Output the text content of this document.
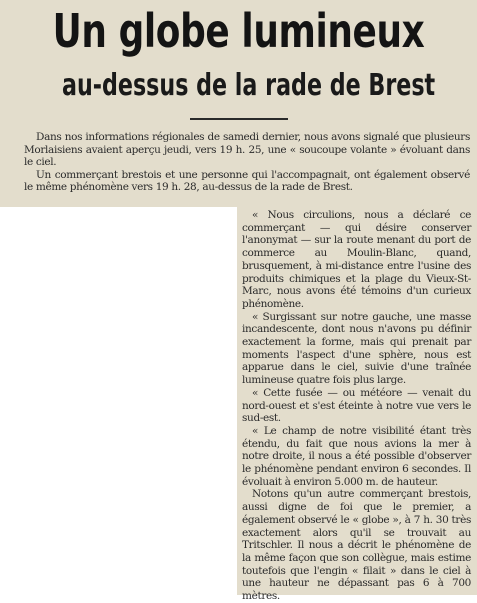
Un globe lumineux
au-dessus de la rade de Brest

Dans nos informations régionales de samedi dernier, nous avons signalé que plusieurs Morlaisiens avaient aperçu jeudi, vers 19 h. 25, une « soucoupe volante » évoluant dans le ciel.

Un commerçant brestois et une personne qui l'accompagnait, ont également observé le même phénomène vers 19 h. 28, au-dessus de la rade de Brest.

« Nous circulions, nous a déclaré ce commerçant — qui désire conserver l'anonymat — sur la route menant du port de commerce au Moulin-Blanc, quand, brusquement, à mi-distance entre l'usine des produits chimiques et la plage du Vieux-St-Marc, nous avons été témoins d'un curieux phénomène.

« Surgissant sur notre gauche, une masse incandescente, dont nous n'avons pu définir exactement la forme, mais qui prenait par moments l'aspect d'une sphère, nous est apparue dans le ciel, suivie d'une traînée lumineuse quatre fois plus large.

« Cette fusée — ou météore — venait du nord-ouest et s'est éteinte à notre vue vers le sud-est.

« Le champ de notre visibilité étant très étendu, du fait que nous avions la mer à notre droite, il nous a été possible d'observer le phénomène pendant environ 6 secondes. Il évoluait à environ 5.000 m. de hauteur.

Notons qu'un autre commerçant brestois, aussi digne de foi que le premier, a également observé le « globe », à 7 h. 30 très exactement alors qu'il se trouvait au Tritschler. Il nous a décrit le phénomène de la même façon que son collègue, mais estime toutefois que l'engin « filait » dans le ciel à une hauteur ne dépassant pas 6 à 700 mètres.
